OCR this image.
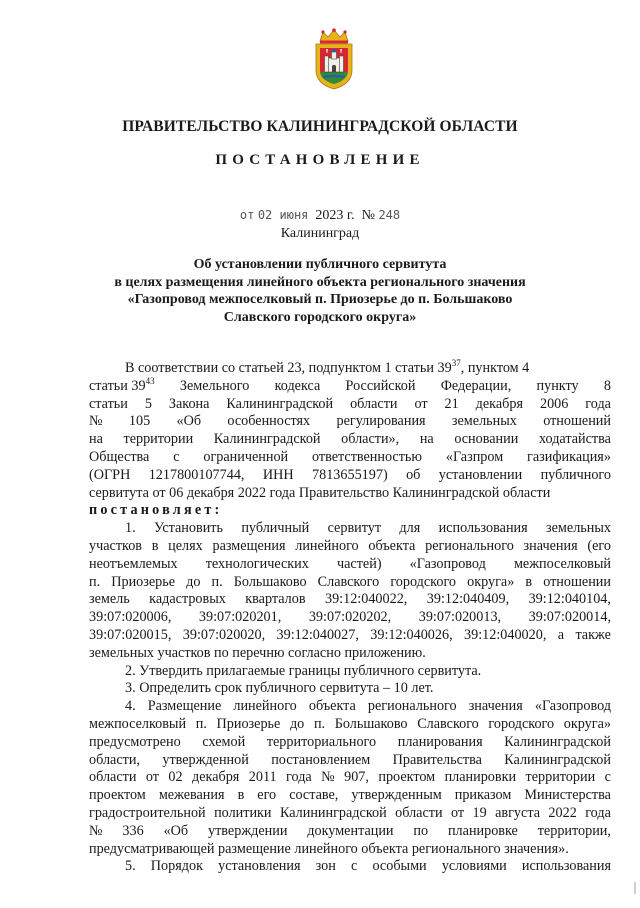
ПРАВИТЕЛЬСТВО КАЛИНИНГРАДСКОЙ ОБЛАСТИ
ПОСТАНОВЛЕНИЕ
от 02 июня 2023 г. № 248
Калининград
Об установлении публичного сервитута
в целях размещения линейного объекта регионального значения
«Газопровод межпоселковый п. Приозерье до п. Большаково
Славского городского округа»
В соответствии со статьей 23, подпунктом 1 статьи $39^{37}$, пунктом 4
статьи $39^{43}$ Земельного кодекса Российской Федерации, пункту 8
статьи 5 Закона Калининградской области от 21 декабря 2006 года
№ 105 «Об особенностях регулирования земельных отношений
на территории Калининградской области», на основании ходатайства
Общества с ограниченной ответственностью «Газпром газификация»
(ОГРН 1217800107744, ИНН 7813655197) об установлении публичного
сервитута от 06 декабря 2022 года Правительство Калининградской области
постановляет:
1. Установить публичный сервитут для использования земельных
участков в целях размещения линейного объекта регионального значения (его
неотъемлемых технологических частей) «Газопровод межпоселковый
п. Приозерье до п. Большаково Славского городского округа» в отношении
земель кадастровых кварталов 39:12:040022, 39:12:040409, 39:12:040104,
39:07:020006, 39:07:020201, 39:07:020202, 39:07:020013, 39:07:020014,
39:07:020015, 39:07:020020, 39:12:040027, 39:12:040026, 39:12:040020, а также
земельных участков по перечню согласно приложению.
2. Утвердить прилагаемые границы публичного сервитута.
3. Определить срок публичного сервитута – 10 лет.
4. Размещение линейного объекта регионального значения «Газопровод
межпоселковый п. Приозерье до п. Большаково Славского городского округа»
предусмотрено схемой территориального планирования Калининградской
области, утвержденной постановлением Правительства Калининградской
области от 02 декабря 2011 года № 907, проектом планировки территории с
проектом межевания в его составе, утвержденным приказом Министерства
градостроительной политики Калининградской области от 19 августа 2022 года
№ 336 «Об утверждении документации по планировке территории,
предусматривающей размещение линейного объекта регионального значения».
5. Порядок установления зон с особыми условиями использования
